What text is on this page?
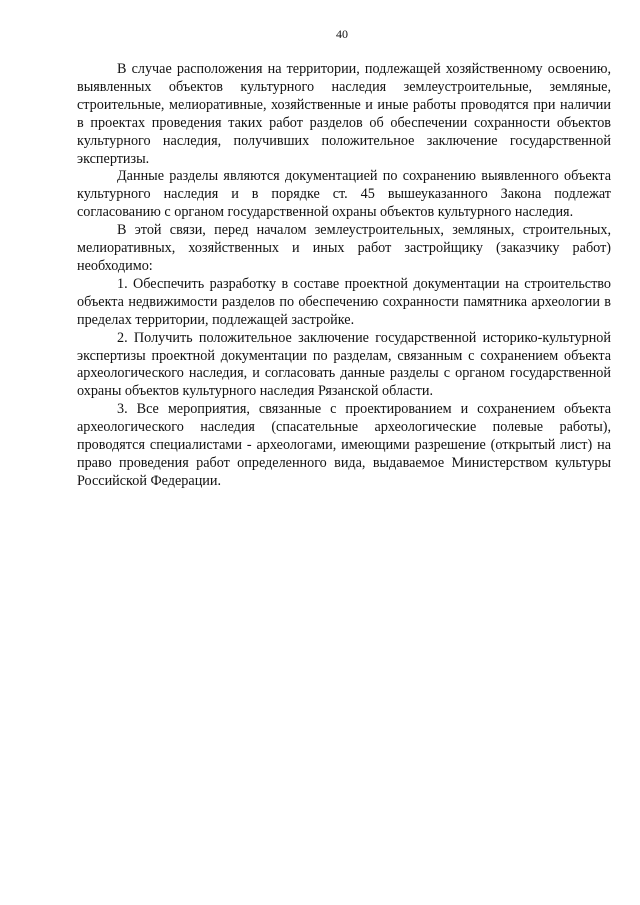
40

В случае расположения на территории, подлежащей хозяйственному освоению, выявленных объектов культурного наследия землеустроительные, земляные, строительные, мелиоративные, хозяйственные и иные работы проводятся при наличии в проектах проведения таких работ разделов об обеспечении сохранности объектов культурного наследия, получивших положительное заключение государственной экспертизы.

Данные разделы являются документацией по сохранению выявленного объекта культурного наследия и в порядке ст. 45 вышеуказанного Закона подлежат согласованию с органом государственной охраны объектов культурного наследия.

В этой связи, перед началом землеустроительных, земляных, строительных, мелиоративных, хозяйственных и иных работ застройщику (заказчику работ) необходимо:

1. Обеспечить разработку в составе проектной документации на строительство объекта недвижимости разделов по обеспечению сохранности памятника археологии в пределах территории, подлежащей застройке.

2. Получить положительное заключение государственной историко-культурной экспертизы проектной документации по разделам, связанным с сохранением объекта археологического наследия, и согласовать данные разделы с органом государственной охраны объектов культурного наследия Рязанской области.

3. Все мероприятия, связанные с проектированием и сохранением объекта археологического наследия (спасательные археологические полевые работы), проводятся специалистами - археологами, имеющими разрешение (открытый лист) на право проведения работ определенного вида, выдаваемое Министерством культуры Российской Федерации.
